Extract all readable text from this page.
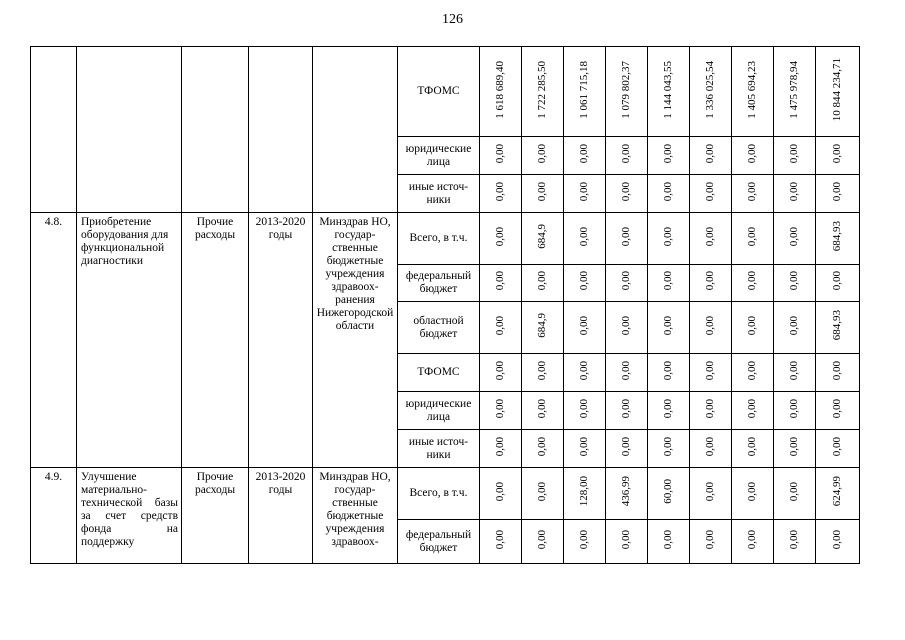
126
					ТФОМС	1 618 689,40	1 722 285,50	1 061 715,18	1 079 802,37	1 144 043,55	1 336 025,54	1 405 694,23	1 475 978,94	10 844 234,71
					юридические лица	0,00	0,00	0,00	0,00	0,00	0,00	0,00	0,00	0,00
					иные источ-ники	0,00	0,00	0,00	0,00	0,00	0,00	0,00	0,00	0,00
4.8.	Приобретение оборудования для функциональной диагностики	Прочие расходы	2013-2020 годы	Минздрав НО, государ-ственные бюджетные учреждения здравоох-ранения Нижегородской области	Всего, в т.ч.	0,00	684,9	0,00	0,00	0,00	0,00	0,00	0,00	684,93
					федеральный бюджет	0,00	0,00	0,00	0,00	0,00	0,00	0,00	0,00	0,00
					областной бюджет	0,00	684,9	0,00	0,00	0,00	0,00	0,00	0,00	684,93
					ТФОМС	0,00	0,00	0,00	0,00	0,00	0,00	0,00	0,00	0,00
					юридические лица	0,00	0,00	0,00	0,00	0,00	0,00	0,00	0,00	0,00
					иные источ-ники	0,00	0,00	0,00	0,00	0,00	0,00	0,00	0,00	0,00
4.9.	Улучшение материально-технической базы за счет средств фонда на поддержку	Прочие расходы	2013-2020 годы	Минздрав НО, государ-ственные бюджетные учреждения здравоох-	Всего, в т.ч.	0,00	0,00	128,00	436,99	60,00	0,00	0,00	0,00	624,99
					федеральный бюджет	0,00	0,00	0,00	0,00	0,00	0,00	0,00	0,00	0,00
